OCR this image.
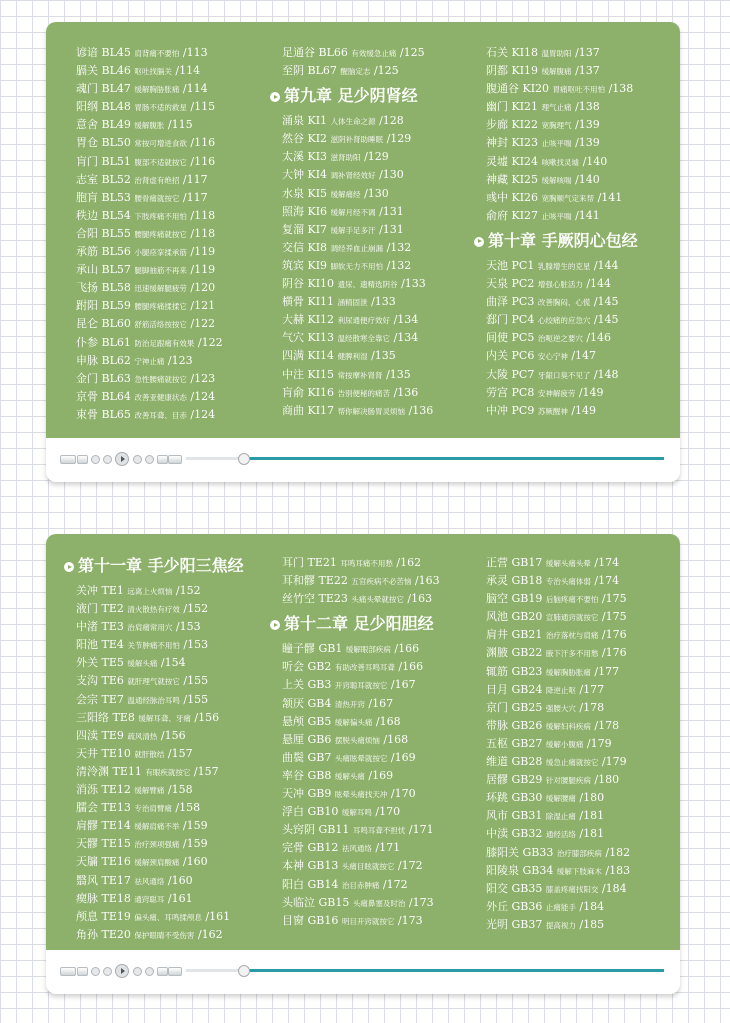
谚谙 BL45 肩背痛不要怕 /113
膈关 BL46 呕吐找膈关 /114
魂门 BL47 缓解胸胁胀痛 /114
阳纲 BL48 胃肠不适的救星 /115
意舍 BL49 缓解腹胀 /115
胃仓 BL50 常按可增进食欲 /116
肓门 BL51 腹部不适就按它 /116
志室 BL52 治肾虚有绝招 /117
胞肓 BL53 腰骨痛就按它 /117
秩边 BL54 下肢疼痛不用怕 /118
合阳 BL55 腰腿疼痛就按它 /118
承筋 BL56 小腿痉挛揉承筋 /119
承山 BL57 腿脚抽筋不再来 /119
飞扬 BL58 迅速缓解腿疲劳 /120
跗阳 BL59 腰腿疼痛揉揉它 /121
昆仑 BL60 舒筋活络按按它 /122
仆参 BL61 防治足跟痛有效果 /122
申脉 BL62 宁神止痛 /123
金门 BL63 急性腰痛就按它 /123
京骨 BL64 改善亚健康状态 /124
束骨 BL65 改善耳聋、目赤 /124
足通谷 BL66 有效缓急止痛 /125
至阴 BL67 醒脑定志 /125
第九章 足少阴肾经
涌泉 KI1 人体生命之源 /128
然谷 KI2 滋阴补肾助睡眠 /129
太溪 KI3 滋肾助阳 /129
大钟 KI4 调补肾经效好 /130
水泉 KI5 缓解痛经 /130
照海 KI6 缓解月经不调 /131
复溜 KI7 缓解手足多汗 /131
交信 KI8 调经养血止崩漏 /132
筑宾 KI9 脚软无力不用怕 /132
阴谷 KI10 遗尿、遗精选阴谷 /133
横骨 KI11 涵精固泄 /133
大赫 KI12 利尿通便疗效好 /134
气穴 KI13 温经散寒全靠它 /134
四满 KI14 健脾利湿 /135
中注 KI15 常按摩补肾肾 /135
肓俞 KI16 告别便秘的痛苦 /136
商曲 KI17 帮你解决肠胃灵烦恼 /136
石关 KI18 温胃助阳 /137
阴都 KI19 缓解腹痛 /137
腹通谷 KI20 胃痛呕吐不用怕 /138
幽门 KI21 理气止痛 /138
步廊 KI22 宽胸理气 /139
神封 KI23 止咳平喘 /139
灵墟 KI24 咳嗽找灵墟 /140
神藏 KI25 缓解咳喘 /140
彧中 KI26 宽胸顺气定来帮 /141
俞府 KI27 止咳平喘 /141
第十章 手厥阴心包经
天池 PC1 乳腺增生的克星 /144
天泉 PC2 增强心脏活力 /144
曲泽 PC3 改善胸闷、心慌 /145
郄门 PC4 心绞痛的应急穴 /145
间使 PC5 治呃逆之要穴 /146
内关 PC6 安心宁神 /147
大陵 PC7 牙龈口臭不见了 /148
劳宫 PC8 安神解疲劳 /149
中冲 PC9 苏厥醒神 /149
第十一章 手少阳三焦经
关冲 TE1 远离上火烦恼 /152
液门 TE2 清火散热有疗效 /152
中渚 TE3 治肩痛常用穴 /153
阳池 TE4 关节肿痛不用怕 /153
外关 TE5 缓解头痛 /154
支沟 TE6 就肝理气就按它 /155
会宗 TE7 温通经脉治耳鸣 /155
三阳络 TE8 缓解耳聋、牙痛 /156
四渎 TE9 疏风清热 /156
天井 TE10 就肝散结 /157
清泠渊 TE11 有眼疾就按它 /157
消泺 TE12 缓解臂痛 /158
臑会 TE13 专治肩臂痛 /158
肩髎 TE14 缓解肩痛不举 /159
天髎 TE15 治疗颈项强痛 /159
天牖 TE16 缓解颈肩酸痛 /160
翳风 TE17 祛风通络 /160
瘈脉 TE18 通窍聪耳 /161
颅息 TE19 偏头痛、耳鸣揉颅息 /161
角孙 TE20 保护眼睛不受伤害 /162
耳门 TE21 耳鸣耳痛不用愁 /162
耳和髎 TE22 五官疾病不必苦恼 /163
丝竹空 TE23 头痛头晕就按它 /163
第十二章 足少阳胆经
瞳子髎 GB1 缓解眼部疾病 /166
听会 GB2 有助改善耳鸣耳聋 /166
上关 GB3 开窍聪耳就按它 /167
颔厌 GB4 清热开窍 /167
悬颅 GB5 缓解偏头痛 /168
悬厘 GB6 摆脱头痛烦恼 /168
曲鬓 GB7 头痛眩晕就按它 /169
率谷 GB8 缓解头痛 /169
天冲 GB9 眩晕头痛找天冲 /170
浮白 GB10 缓解耳鸣 /170
头窍阴 GB11 耳鸣耳聋不担忧 /171
完骨 GB12 祛风通络 /171
本神 GB13 头痛目眩就按它 /172
阳白 GB14 治目赤肿痛 /172
头临泣 GB15 头痛鼻塞及时治 /173
目窗 GB16 明目开窍就按它 /173
正营 GB17 缓解头痛头晕 /174
承灵 GB18 专治头痛体弱 /174
脑空 GB19 后脑疼痛不要怕 /175
风池 GB20 宣肺通窍就按它 /175
肩井 GB21 治疗落枕与肩痛 /176
渊腋 GB22 腋下汗多不用愁 /176
辄筋 GB23 缓解胸胁胀痛 /177
日月 GB24 降逆止呕 /177
京门 GB25 强腰大穴 /178
带脉 GB26 缓解妇科疾病 /178
五枢 GB27 缓解小腹痛 /179
维道 GB28 缓急止痛就按它 /179
居髎 GB29 针对腰腿疾病 /180
环跳 GB30 缓解腰痛 /180
风市 GB31 除湿止痛 /181
中渎 GB32 通经活络 /181
膝阳关 GB33 治疗膝部疾病 /182
阳陵泉 GB34 缓解下肢麻木 /183
阳交 GB35 膝盖疼痛找阳交 /184
外丘 GB36 止痛能手 /184
光明 GB37 提高视力 /185
